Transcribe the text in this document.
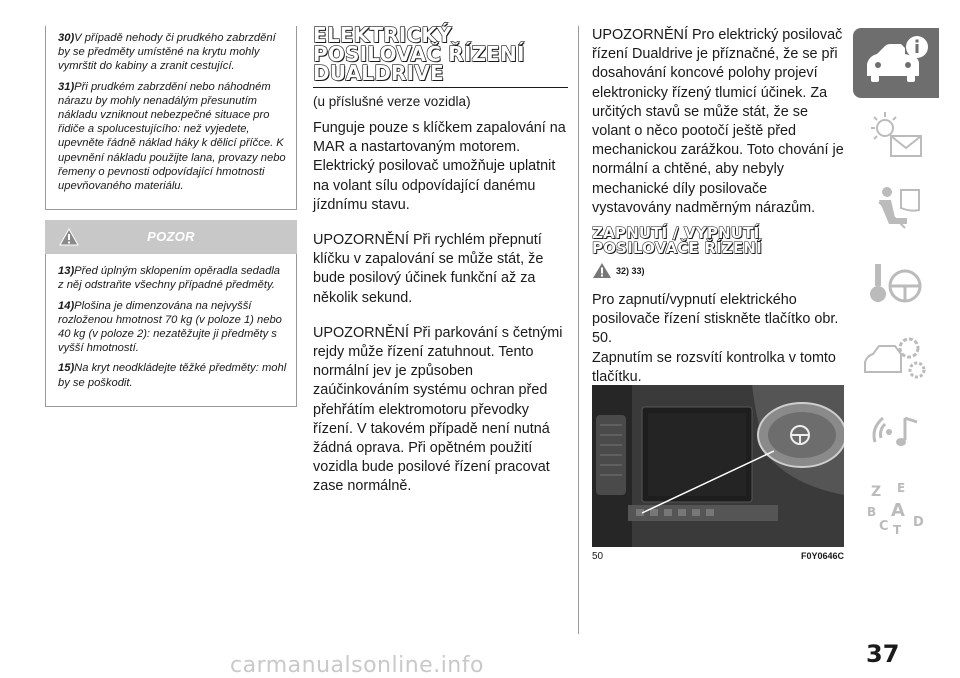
30)V případě nehody či prudkého zabrzdění by se předměty umístěné na krytu mohly vymrštit do kabiny a zranit cestující.

31)Při prudkém zabrzdění nebo náhodném nárazu by mohly nenadálým přesunutím nákladu vzniknout nebezpečné situace pro řidiče a spolucestujícího: než vyjedete, upevněte řádně náklad háky k dělicí příčce. K upevnění nákladu použijte lana, provazy nebo řemeny o pevnosti odpovídající hmotnosti upevňovaného materiálu.

POZOR

13)Před úplným sklopením opěradla sedadla z něj odstraňte všechny případné předměty.

14)Plošina je dimenzována na nejvyšší rozloženou hmotnost 70 kg (v poloze 1) nebo 40 kg (v poloze 2): nezatěžujte ji předměty s vyšší hmotností.

15)Na kryt neodkládejte těžké předměty: mohl by se poškodit.

ELEKTRICKÝ
POSILOVAČ ŘÍZENÍ
DUALDRIVE
(u příslušné verze vozidla)

Funguje pouze s klíčkem zapalování na MAR a nastartovaným motorem. Elektrický posilovač umožňuje uplatnit na volant sílu odpovídající danému jízdnímu stavu.

UPOZORNĚNÍ Při rychlém přepnutí klíčku v zapalování se může stát, že bude posilový účinek funkční až za několik sekund.

UPOZORNĚNÍ Při parkování s četnými rejdy může řízení zatuhnout. Tento normální jev je způsoben zaúčinkováním systému ochran před přehřátím elektromotoru převodky řízení. V takovém případě není nutná žádná oprava. Při opětném použití vozidla bude posilové řízení pracovat zase normálně.

UPOZORNĚNÍ Pro elektrický posilovač řízení Dualdrive je příznačné, že se při dosahování koncové polohy projeví elektronicky řízený tlumicí účinek. Za určitých stavů se může stát, že se volant o něco pootočí ještě před mechanickou zarážkou. Toto chování je normální a chtěné, aby nebyly mechanické díly posilovače vystavovány nadměrným nárazům.

ZAPNUTÍ / VYPNUTÍ
POSILOVAČE ŘÍZENÍ
32) 33)

Pro zapnutí/vypnutí elektrického posilovače řízení stiskněte tlačítko obr. 50.

Zapnutím se rozsvítí kontrolka v tomto tlačítku.

50	F0Y0646C
Z E
B A
C T D
37
carmanualsonline.info
